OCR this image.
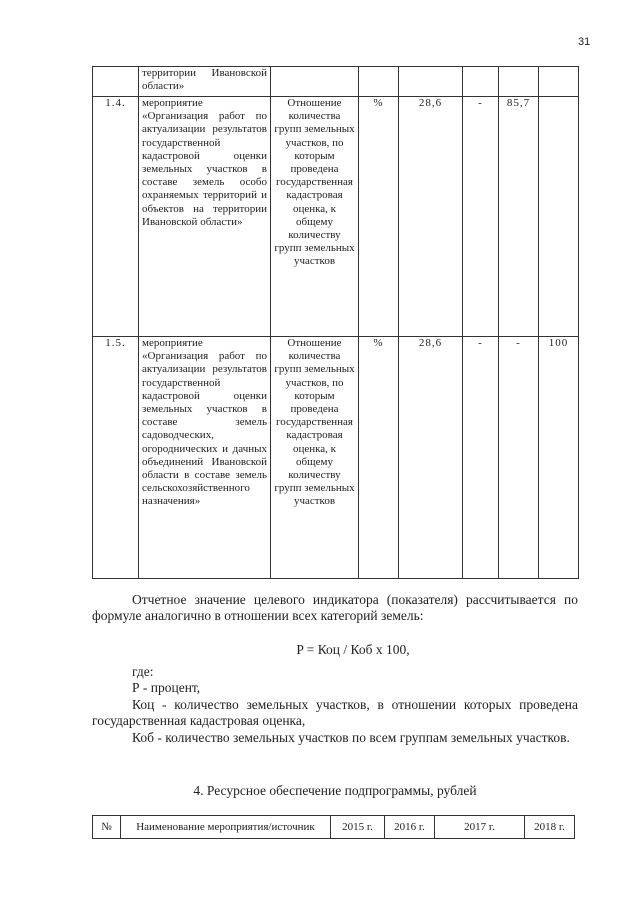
31
	территории Ивановской области»						
1.4.	мероприятие «Организация работ по актуализации результатов государственной кадастровой оценки земельных участков в составе земель особо охраняемых территорий и объектов на территории Ивановской области»	Отношение количества групп земельных участков, по которым проведена государственная кадастровая оценка, к общему количеству групп земельных участков	%	28,6	-	85,7	
1.5.	мероприятие «Организация работ по актуализации результатов государственной кадастровой оценки земельных участков в составе земель садоводческих, огороднических и дачных объединений Ивановской области в составе земель сельскохозяйственного назначения»	Отношение количества групп земельных участков, по которым проведена государственная кадастровая оценка, к общему количеству групп земельных участков	%	28,6	-	-	100
Отчетное значение целевого индикатора (показателя) рассчитывается по формуле аналогично в отношении всех категорий земель:
P = Коц / Коб х 100,
где:
Р - процент,
Коц - количество земельных участков, в отношении которых проведена государственная кадастровая оценка,
Коб - количество земельных участков по всем группам земельных участков.
4. Ресурсное обеспечение подпрограммы, рублей
№	Наименование мероприятия/источник	2015 г.	2016 г.	2017 г.	2018 г.
